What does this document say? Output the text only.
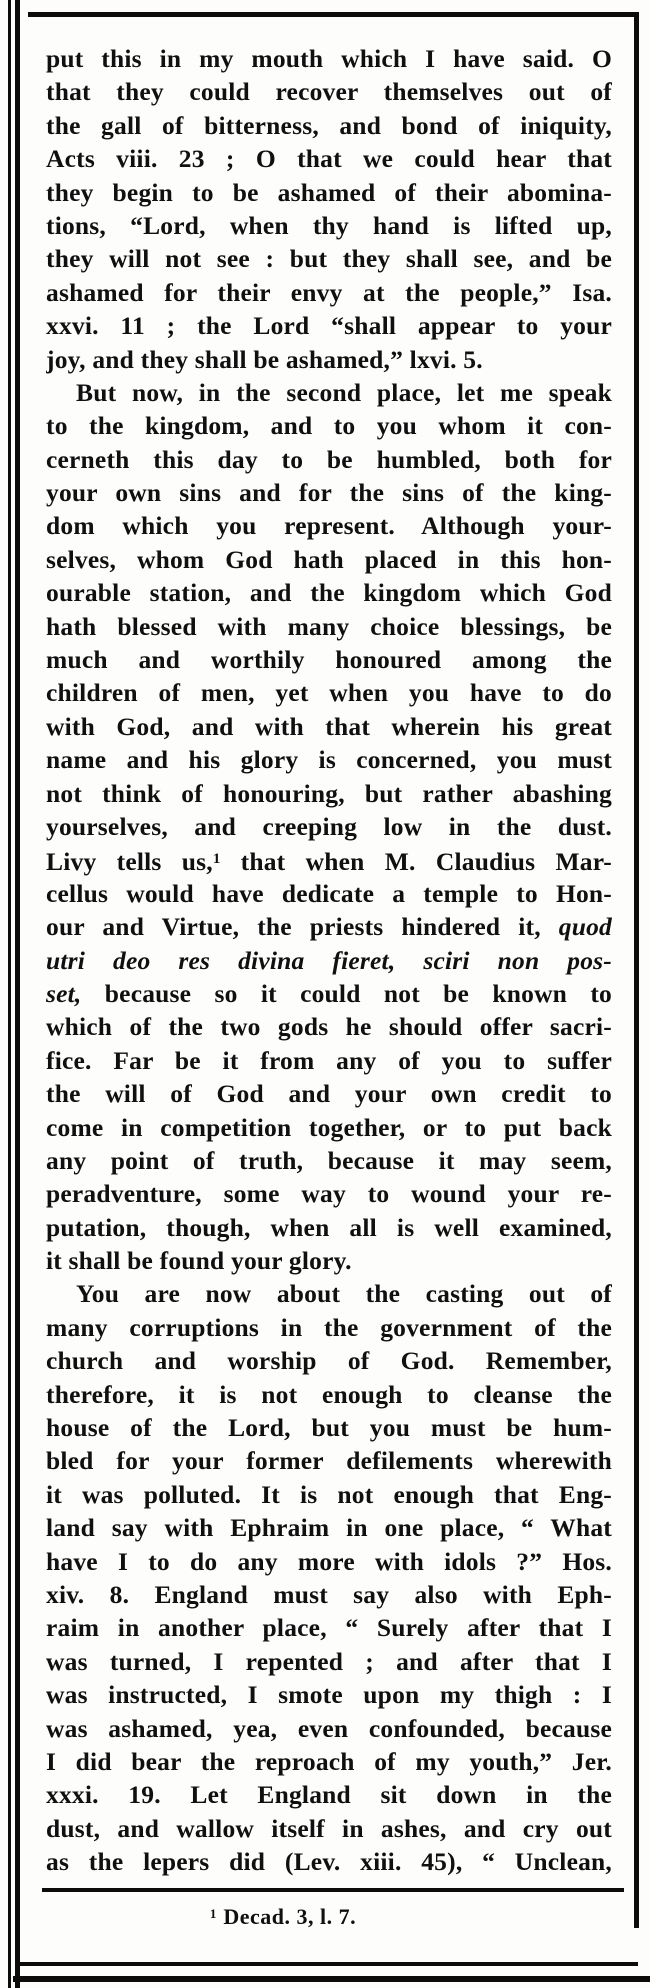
put this in my mouth which I have said. O
that they could recover themselves out of
the gall of bitterness, and bond of iniquity,
Acts viii. 23 ; O that we could hear that
they begin to be ashamed of their abomina-
tions, “Lord, when thy hand is lifted up,
they will not see : but they shall see, and be
ashamed for their envy at the people,” Isa.
xxvi. 11 ; the Lord “shall appear to your
joy, and they shall be ashamed,” lxvi. 5.
But now, in the second place, let me speak
to the kingdom, and to you whom it con-
cerneth this day to be humbled, both for
your own sins and for the sins of the king-
dom which you represent. Although your-
selves, whom God hath placed in this hon-
ourable station, and the kingdom which God
hath blessed with many choice blessings, be
much and worthily honoured among the
children of men, yet when you have to do
with God, and with that wherein his great
name and his glory is concerned, you must
not think of honouring, but rather abashing
yourselves, and creeping low in the dust.
Livy tells us,$^1$ that when M. Claudius Mar-
cellus would have dedicate a temple to Hon-
our and Virtue, the priests hindered it, quod
utri deo res divina fieret, sciri non pos-
set, because so it could not be known to
which of the two gods he should offer sacri-
fice. Far be it from any of you to suffer
the will of God and your own credit to
come in competition together, or to put back
any point of truth, because it may seem,
peradventure, some way to wound your re-
putation, though, when all is well examined,
it shall be found your glory.
You are now about the casting out of
many corruptions in the government of the
church and worship of God. Remember,
therefore, it is not enough to cleanse the
house of the Lord, but you must be hum-
bled for your former defilements wherewith
it was polluted. It is not enough that Eng-
land say with Ephraim in one place, “ What
have I to do any more with idols ?” Hos.
xiv. 8. England must say also with Eph-
raim in another place, “ Surely after that I
was turned, I repented ; and after that I
was instructed, I smote upon my thigh : I
was ashamed, yea, even confounded, because
I did bear the reproach of my youth,” Jer.
xxxi. 19. Let England sit down in the
dust, and wallow itself in ashes, and cry out
as the lepers did (Lev. xiii. 45), “ Unclean,
$^1$ Decad. 3, l. 7.
